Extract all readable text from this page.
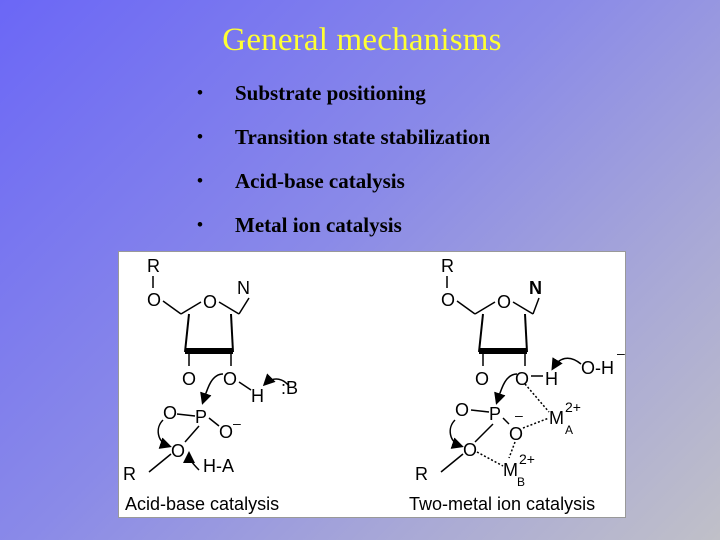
General mechanisms
• Substrate positioning
• Transition state stabilization
• Acid-base catalysis
• Metal ion catalysis
R
O O
N
O O
H :B
O P
O –
O
H-A
R
Acid-base catalysis
R
O O
N
O O H
O-H
–
O P –
O
M
2+
A
O
M
2+
B
R
Two-metal ion catalysis
